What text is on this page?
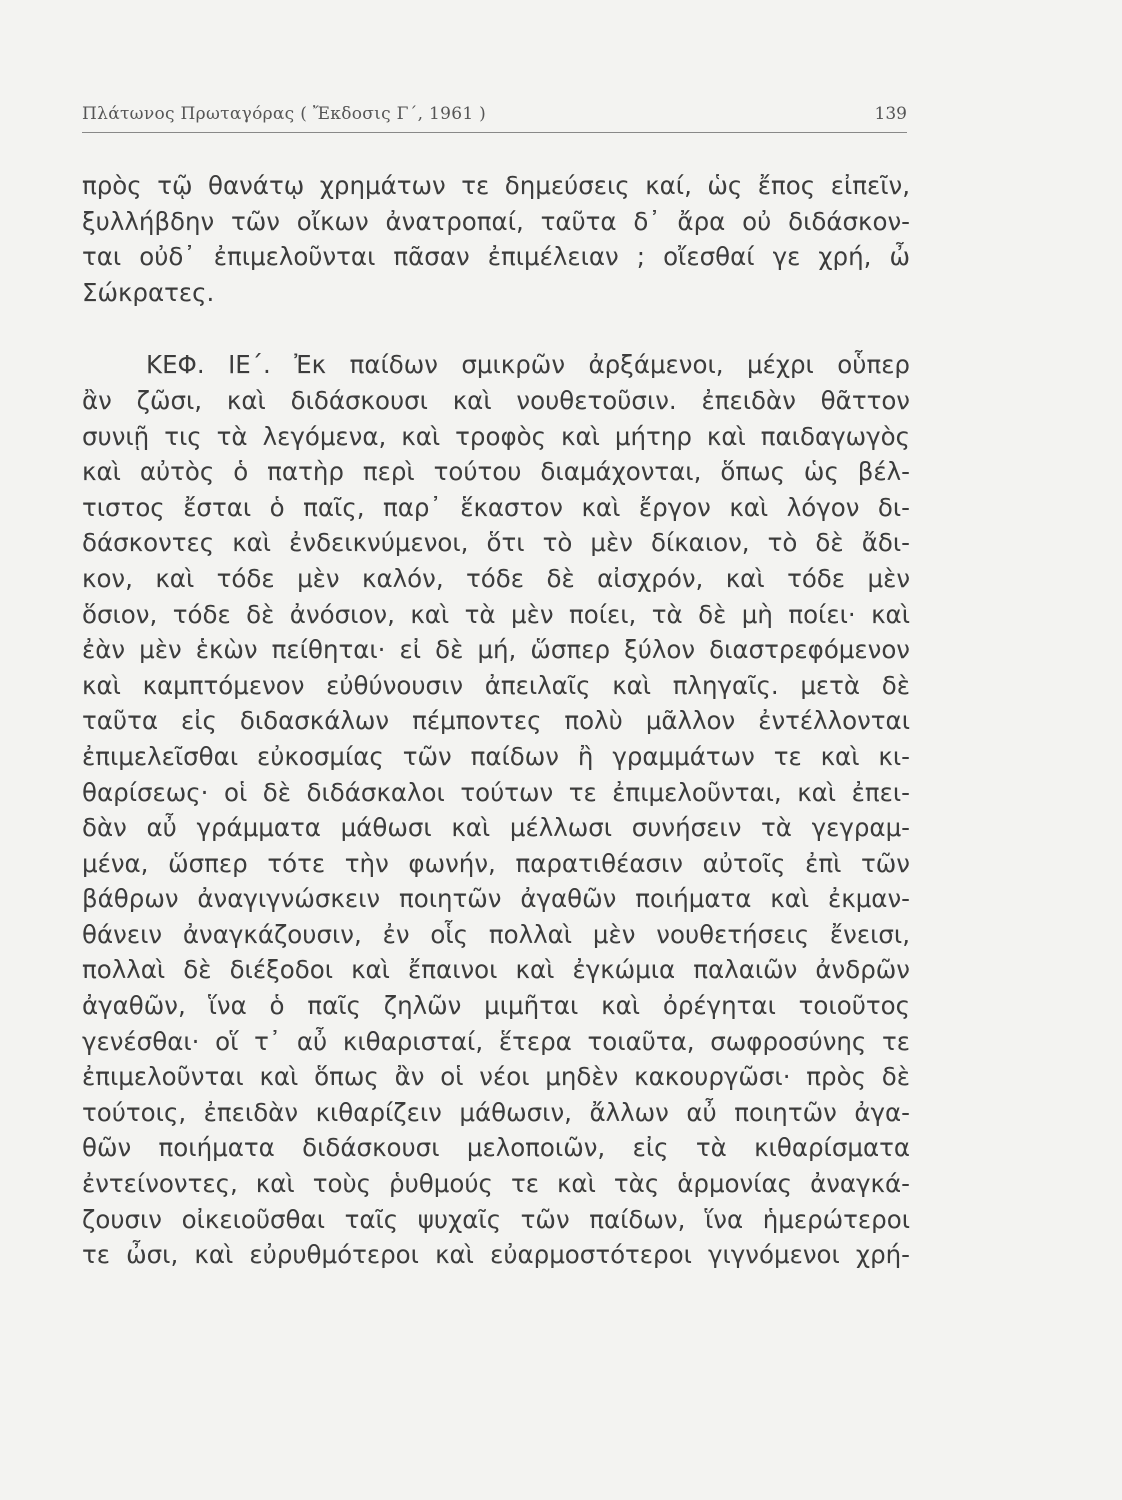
Πλάτωνος Πρωταγόρας ( Ἔκδοσις Γ΄, 1961 )	139
πρὸς τῷ θανάτῳ χρημάτων τε δημεύσεις καί, ὡς ἔπος εἰπεῖν,
ξυλλήβδην τῶν οἴκων ἀνατροπαί, ταῦτα δ᾽ ἄρα οὐ διδάσκον-
ται οὐδ᾽ ἐπιμελοῦνται πᾶσαν ἐπιμέλειαν ; οἴεσθαί γε χρή, ὦ
Σώκρατες.
ΚΕΦ. ΙΕ΄. Ἐκ παίδων σμικρῶν ἀρξάμενοι, μέχρι οὗπερ
ἂν ζῶσι, καὶ διδάσκουσι καὶ νουθετοῦσιν. ἐπειδὰν θᾶττον
συνιῇ τις τὰ λεγόμενα, καὶ τροφὸς καὶ μήτηρ καὶ παιδαγωγὸς
καὶ αὐτὸς ὁ πατὴρ περὶ τούτου διαμάχονται, ὅπως ὡς βέλ-
τιστος ἔσται ὁ παῖς, παρ᾽ ἕκαστον καὶ ἔργον καὶ λόγον δι-
δάσκοντες καὶ ἐνδεικνύμενοι, ὅτι τὸ μὲν δίκαιον, τὸ δὲ ἄδι-
κον, καὶ τόδε μὲν καλόν, τόδε δὲ αἰσχρόν, καὶ τόδε μὲν
ὅσιον, τόδε δὲ ἀνόσιον, καὶ τὰ μὲν ποίει, τὰ δὲ μὴ ποίει· καὶ
ἐὰν μὲν ἑκὼν πείθηται· εἰ δὲ μή, ὥσπερ ξύλον διαστρεφόμενον
καὶ καμπτόμενον εὐθύνουσιν ἀπειλαῖς καὶ πληγαῖς. μετὰ δὲ
ταῦτα εἰς διδασκάλων πέμποντες πολὺ μᾶλλον ἐντέλλονται
ἐπιμελεῖσθαι εὐκοσμίας τῶν παίδων ἢ γραμμάτων τε καὶ κι-
θαρίσεως· οἱ δὲ διδάσκαλοι τούτων τε ἐπιμελοῦνται, καὶ ἐπει-
δὰν αὖ γράμματα μάθωσι καὶ μέλλωσι συνήσειν τὰ γεγραμ-
μένα, ὥσπερ τότε τὴν φωνήν, παρατιθέασιν αὐτοῖς ἐπὶ τῶν
βάθρων ἀναγιγνώσκειν ποιητῶν ἀγαθῶν ποιήματα καὶ ἐκμαν-
θάνειν ἀναγκάζουσιν, ἐν οἷς πολλαὶ μὲν νουθετήσεις ἔνεισι,
πολλαὶ δὲ διέξοδοι καὶ ἔπαινοι καὶ ἐγκώμια παλαιῶν ἀνδρῶν
ἀγαθῶν, ἵνα ὁ παῖς ζηλῶν μιμῆται καὶ ὀρέγηται τοιοῦτος
γενέσθαι· οἵ τ᾽ αὖ κιθαρισταί, ἕτερα τοιαῦτα, σωφροσύνης τε
ἐπιμελοῦνται καὶ ὅπως ἂν οἱ νέοι μηδὲν κακουργῶσι· πρὸς δὲ
τούτοις, ἐπειδὰν κιθαρίζειν μάθωσιν, ἄλλων αὖ ποιητῶν ἀγα-
θῶν ποιήματα διδάσκουσι μελοποιῶν, εἰς τὰ κιθαρίσματα
ἐντείνοντες, καὶ τοὺς ῥυθμούς τε καὶ τὰς ἁρμονίας ἀναγκά-
ζουσιν οἰκειοῦσθαι ταῖς ψυχαῖς τῶν παίδων, ἵνα ἡμερώτεροι
τε ὦσι, καὶ εὐρυθμότεροι καὶ εὐαρμοστότεροι γιγνόμενοι χρή-
